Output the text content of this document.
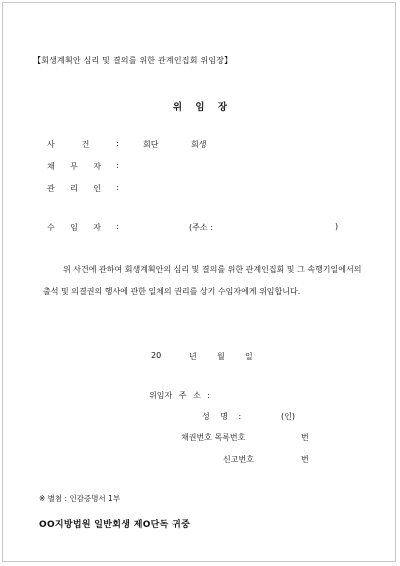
【회생계획안 심리 및 결의를 위한 관계인집회 위임장】
위 임 장
사	건	:	회단	회생
채 무 자 :
관 리 인 :
수 임 자 :	(주소 :	)
위 사건에 관하여 회생계획안의 심리 및 결의를 위한 관계인집회 및 그 속행기일에서의 출석 및 의결권의 행사에 관한 일체의 권리를 상기 수임자에게 위임합니다.
20	년	월	일
위임자 주 소 :
성 명 :	(인)
채권번호 목록번호	번
신고번호	번
※ 별첨 : 인감증명서 1부
OO지방법원 일반회생 제O단독 귀중
